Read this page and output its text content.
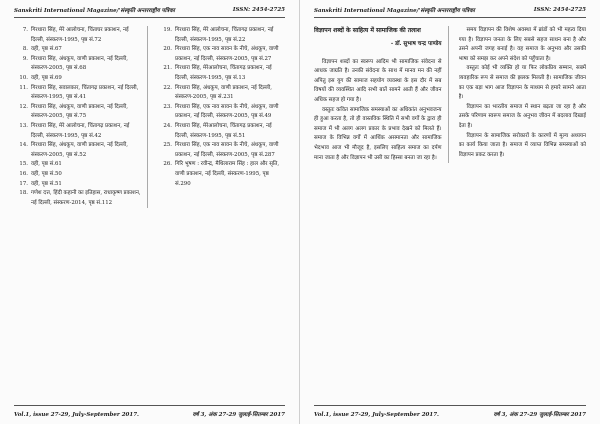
Sanskriti International Magazine/'संस्कृति अन्तरराष्ट्रीय पत्रिका	ISSN: 2454-2725
7. गिरधारा सिंह, मेरे आलोचना, चिंताघर प्रकाशन, नई दिल्ली, संस्करण-1995, पृष्ठ सं.72
8. वही, पृष्ठ सं.67
9. गिरधारा सिंह, अंधकूप, वाणी प्रकाशन, नई दिल्ली, संस्करण-2005, पृष्ठ सं.68
10. वही, पृष्ठ सं.69
11. गिरधारा सिंह, सवालकार, चिंतागढ़ प्रकाशन, नई दिल्ली, संस्करण-1995, पृष्ठ सं.41
12. गिरधारा सिंह, अंधकूप, वाणी प्रकाशन, नई दिल्ली, संस्करण-2005, पृष्ठ सं.75
13. गिरधारा सिंह, मेरे आलोचना, चिंतागढ़ प्रकाशन, नई दिल्ली, संस्करण-1995, पृष्ठ सं.42
14. गिरधारा सिंह, अंधकूप, वाणी प्रकाशन, नई दिल्ली, संस्करण-2005, पृष्ठ सं.52
15. वही, पृष्ठ सं.61
16. वही, पृष्ठ सं.50
17. वही, पृष्ठ सं.51
18. गणेश दत्त, हिंदी कहानी का इतिहास, राधाकृष्ण प्रकाशन, नई दिल्ली, संस्करण-2014, पृष्ठ सं.112
19. गिरधारा सिंह, मेरे आलोचना, चिंतागढ़ प्रकाशन, नई दिल्ली, संस्करण-1995, पृष्ठ सं.22
20. गिरधारा सिंह, एक नाव सावन के नीचे, अंधकूप, वाणी प्रकाशन, नई दिल्ली, संस्करण-2005, पृष्ठ सं.27
21. गिरधारा सिंह, मेरेआलोचना, चिंतागढ़ प्रकाशन, नई दिल्ली, संस्करण-1995, पृष्ठ सं.13
22. गिरधारा सिंह, अंधकूप, वाणी प्रकाशन, नई दिल्ली, संस्करण-2005, पृष्ठ सं.231
23. गिरधारा सिंह, एक नाव सावन के नीचे, अंधकूप, वाणी प्रकाशन, नई दिल्ली, संस्करण-2005, पृष्ठ सं.49
24. गिरधारा सिंह, मेरेआलोचना, चिंतागढ़ प्रकाशन, नई दिल्ली, संस्करण-1995, पृष्ठ सं.51
25. गिरधारा सिंह, एक नाव सावन के नीचे, अंधकूप, वाणी प्रकाशन, नई दिल्ली, संस्करण-2005, पृष्ठ सं.287
26. गिरि भूषण : रवीन्द्र, मैथिलाराम सिंह : हाल और सृति, वाणी प्रकाशन, नई दिल्ली, संस्करण-1995, पृष्ठ सं.290
Vol.1, issue 27-29, July-September 2017.	वर्ष 3, अंक 27-29 जुलाई-सितम्बर 2017
Sanskriti International Magazine/'संस्कृति अन्तरराष्ट्रीय पत्रिका	ISSN: 2454-2725
विज्ञापन शब्दों के साहित्य में सामाजिक की तलाश
- डॉ. सुभाष चन्द्र पाण्डेय

विज्ञापन शब्दों का स्वरूप आदिम भी सामाजिक संवेदना से आधक जाग्रति है। उनकी संवेदना के साथ में मानव मन की नहीं अपितु इस युग की सामाज सहयोग व्यवस्था के इस दौर में सब विषयों की व्यवस्थित आदि सभी बातें सामने आती हैं और जीवन अधिक सहज हो गया है।

वस्तुतः कवित सामाजिक समस्याओं का अधिकांत अनुभवजन्य ही हुआ करता है, तो ही वास्तविक स्थिति में सभी वर्गों के द्वारा ही समाज में भी अलग अलग प्रकार के प्रभाव देखने को मिलते हैं। समाज के विभिन्न वर्गों में आर्थिक असमानता और सामाजिक भेदभाव आज भी मौजूद है, इसलिए साहित्य समाज का दर्पण माना जाता है और विज्ञापन भी उसी का हिस्सा बनता जा रहा है।

समय विज्ञापन की विशेष अवस्था में ब्रांडों को भी महत्व दिया गया है। विज्ञापन जनता के लिए सबसे सहज साधन बना है और उसने अपनी जगह बनाई है। वह समाज के अनुभव और उसकी भाषा को समझ कर अपने संदेश को पहुँचाता है।

वस्तुतः कोई भी व्यक्ति हो या फिर लोकप्रिय सम्मान, सबमें व्यवहारिक रूप से समाज की झलक मिलती है। सामाजिक जीवन का एक बड़ा भाग आज विज्ञापन के माध्यम से हमारे सामने आता है।

विज्ञापन का भारतीय समाज में स्थान बढ़ता जा रहा है और उसके परिणाम स्वरूप समाज के अनुभव जीवन में बदलाव दिखाई देता है।

विज्ञापन के सामाजिक सरोकारों के कारणों में मूल्य अध्ययन का कार्य किया जाता है। समाज में व्याप्त विभिन्न समस्याओं को विज्ञापन प्रकट करता है।

Vol.1, issue 27-29, July-September 2017.	वर्ष 3, अंक 27-29 जुलाई-सितम्बर 2017
